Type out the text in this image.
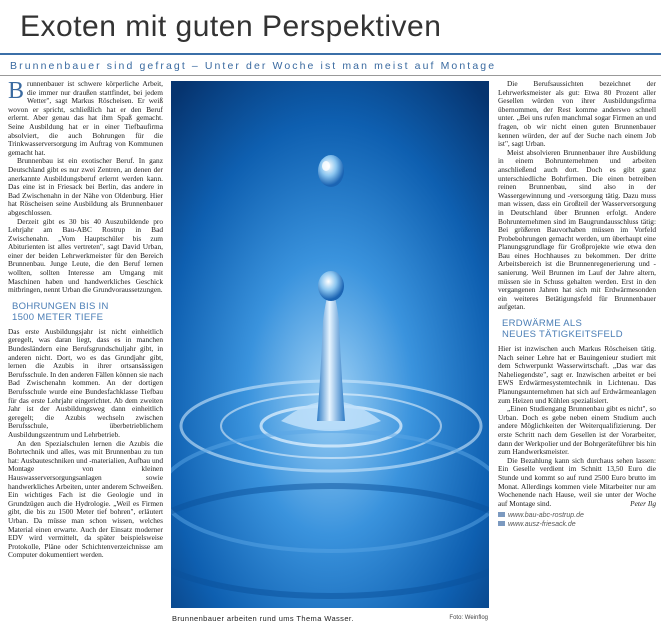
Exoten mit guten Perspektiven
Brunnenbauer sind gefragt – Unter der Woche ist man meist auf Montage

Brunnenbauer ist schwere körperliche Arbeit, die immer nur draußen stattfindet, bei jedem Wetter", sagt Markus Röscheisen. Er weiß wovon er spricht, schließlich hat er den Beruf erlernt. Aber genau das hat ihm Spaß gemacht. Seine Ausbildung hat er in einer Tiefbaufirma absolviert, die auch Bohrungen für die Trinkwasserversorgung im Auftrag von Kommunen gemacht hat.

Brunnenbau ist ein exotischer Beruf. In ganz Deutschland gibt es nur zwei Zentren, an denen der anerkannte Ausbildungsberuf erlernt werden kann. Das eine ist in Friesack bei Berlin, das andere in Bad Zwischenahn in der Nähe von Oldenburg. Hier hat Röscheisen seine Ausbildung als Brunnenbauer abgeschlossen.

Derzeit gibt es 30 bis 40 Auszubildende pro Lehrjahr am Bau-ABC Rostrup in Bad Zwischenahn. „Vom Hauptschüler bis zum Abiturienten ist alles vertreten", sagt David Urban, einer der beiden Lehrwerkmeister für den Bereich Brunnenbau. Junge Leute, die den Beruf lernen wollten, sollten Interesse am Umgang mit Maschinen haben und handwerkliches Geschick mitbringen, nennt Urban die Grundvoraussetzungen.

BOHRUNGEN BIS IN
1500 METER TIEFE

Das erste Ausbildungsjahr ist nicht einheitlich geregelt, was daran liegt, dass es in manchen Bundesländern eine Berufsgrundschuljahr gibt, in anderen nicht. Dort, wo es das Grundjahr gibt, lernen die Azubis in ihrer ortsansässigen Berufsschule. In den anderen Fällen können sie nach Bad Zwischenahn kommen. An der dortigen Berufsschule wurde eine Bundesfachklasse Tiefbau für das erste Lehrjahr eingerichtet. Ab dem zweiten Jahr ist der Ausbildungsweg dann einheitlich geregelt; die Azubis wechseln zwischen Berufsschule, überbetrieblichem Ausbildungszentrum und Lehrbetrieb.

An den Spezialschulen lernen die Azubis die Bohrtechnik und alles, was mit Brunnenbau zu tun hat: Ausbauteschniken und -materialien, Aufbau und Montage von kleinen Hauswasserversorgungsanlagen sowie handwerkliches Arbeiten, unter anderem Schweißen. Ein wichtiges Fach ist die Geologie und in Grundzügen auch die Hydrologie. „Weil es Firmen gibt, die bis zu 1500 Meter tief bohren", erläutert Urban. Da müsse man schon wissen, welches Material einen erwarte. Auch der Einsatz moderner EDV wird vermittelt, da später beispielsweise Protokolle, Pläne oder Schichtenverzeichnisse am Computer dokumentiert werden.

Brunnenbauer arbeiten rund ums Thema Wasser.	Foto: Weinflog

Die Berufsaussichten bezeichnet der Lehrwerksmeister als gut: Etwa 80 Prozent aller Gesellen würden von ihrer Ausbildungsfirma übernommen, der Rest komme anderswo schnell unter. „Bei uns rufen manchmal sogar Firmen an und fragen, ob wir nicht einen guten Brunnenbauer kennen würden, der auf der Suche nach einem Job ist", sagt Urban.

Meist absolvieren Brunnenbauer ihre Ausbildung in einem Bohrunternehmen und arbeiten anschließend auch dort. Doch es gibt ganz unterschiedliche Bohrfirmen. Die einen betreiben reinen Brunnenbau, sind also in der Wassergewinnung und -versorgung tätig. Dazu muss man wissen, dass ein Großteil der Wasserversorgung in Deutschland über Brunnen erfolgt. Andere Bohrunternehmen sind im Baugrundausschluss tätig: Bei größeren Bauvorhaben müssen im Vorfeld Probebohrungen gemacht werden, um überhaupt eine Planungsgrundlage für Großprojekte wie etwa den Bau eines Hochhauses zu bekommen. Der dritte Arbeitsbereich ist die Brunnenregenerierung und -sanierung. Weil Brunnen im Lauf der Jahre altern, müssen sie in Schuss gehalten werden. Erst in den vergangenen Jahren hat sich mit Erdwärmesonden ein weiteres Betätigungsfeld für Brunnenbauer aufgetan.

ERDWÄRME ALS
NEUES TÄTIGKEITSFELD

Hier ist inzwischen auch Markus Röscheisen tätig. Nach seiner Lehre hat er Bauingenieur studiert mit dem Schwerpunkt Wasserwirtschaft. „Das war das Naheliegendste", sagt er. Inzwischen arbeitet er bei EWS Erdwärmesystemtechnik in Lichtenau. Das Planungsunternehmen hat sich auf Erdwärmeanlagen zum Heizen und Kühlen spezialisiert.

„Einen Studiengang Brunnenbau gibt es nicht", so Urban. Doch es gebe neben einem Studium auch andere Möglichkeiten der Weiterqualifizierung. Der erste Schritt nach dem Gesellen ist der Vorarbeiter, dann der Werkpolier und der Bohrgeräteführer bis hin zum Handwerksmeister.

Die Bezahlung kann sich durchaus sehen lassen: Ein Geselle verdient im Schnitt 13,50 Euro die Stunde und kommt so auf rund 2500 Euro brutto im Monat. Allerdings kommen viele Mitarbeiter nur am Wochenende nach Hause, weil sie unter der Woche auf Montage sind.	Peter Ilg

www.bau-abc-rostrup.de
www.ausz-friesack.de
